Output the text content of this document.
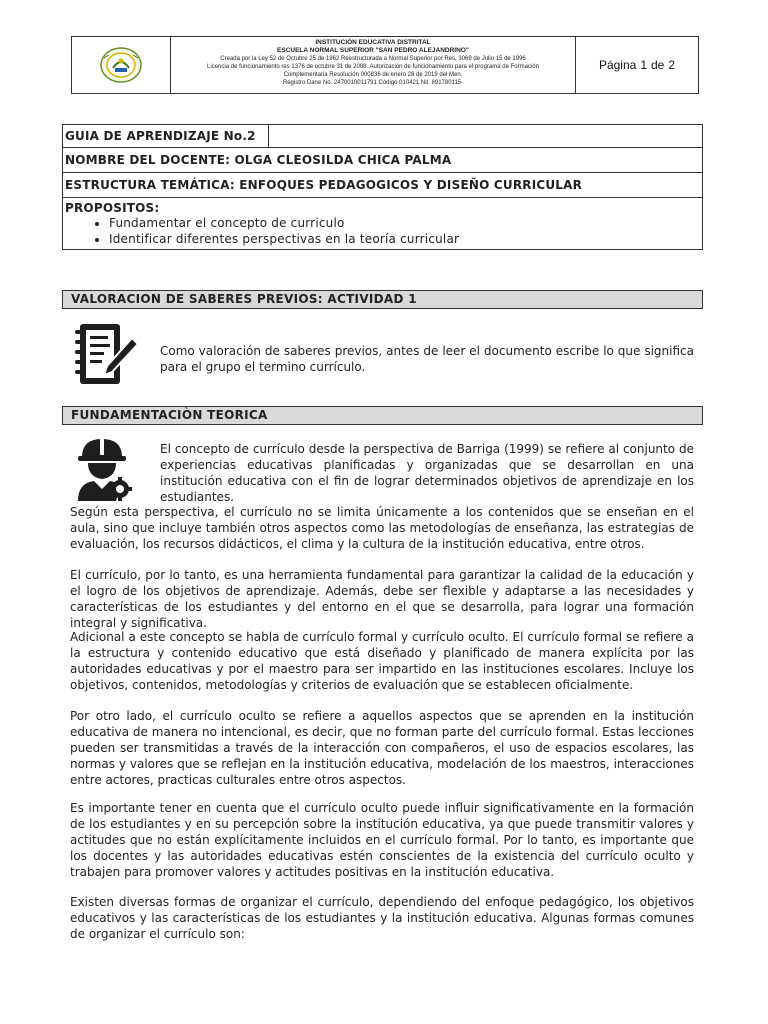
INSTITUCIÓN EDUCATIVA DISTRITAL
ESCUELA NORMAL SUPERIOR "SAN PEDRO ALEJANDRINO"
Creada por la Ley 52 de Octubre 25 de 1962 Reestructurada a Normal Superior por Res. 3069 de Julio 15 de 1996
Licencia de funcionamiento res 1376 de octubre 31 de 2008. Autorización de funcionamiento para el programa de Formación
Complementaria Resolución 000836 de enero 28 de 2019 del Men.
Registro Dane No. 2470010011791 Código 010421 Nit. 891780115-
Página 1 de 2
GUIA DE APRENDIZAJE No.2
NOMBRE DEL DOCENTE: OLGA CLEOSILDA CHICA PALMA
ESTRUCTURA TEMÁTICA: ENFOQUES PEDAGOGICOS Y DISEÑO CURRICULAR
PROPOSITOS:
• Fundamentar el concepto de curriculo
• Identificar diferentes perspectivas en la teoría curricular
VALORACION DE SABERES PREVIOS: ACTIVIDAD 1
Como valoración de saberes previos, antes de leer el documento escribe lo que significa para el grupo el termino currículo.
FUNDAMENTACIÒN TEORICA
El concepto de currículo desde la perspectiva de Barriga (1999) se refiere al conjunto de experiencias educativas planificadas y organizadas que se desarrollan en una institución educativa con el fin de lograr determinados objetivos de aprendizaje en los estudiantes.
Según esta perspectiva, el currículo no se limita únicamente a los contenidos que se enseñan en el aula, sino que incluye también otros aspectos como las metodologías de enseñanza, las estrategias de evaluación, los recursos didácticos, el clima y la cultura de la institución educativa, entre otros.
El currículo, por lo tanto, es una herramienta fundamental para garantizar la calidad de la educación y el logro de los objetivos de aprendizaje. Además, debe ser flexible y adaptarse a las necesidades y características de los estudiantes y del entorno en el que se desarrolla, para lograr una formación integral y significativa.
Adicional a este concepto se habla de currículo formal y currículo oculto. El currículo formal se refiere a la estructura y contenido educativo que está diseñado y planificado de manera explícita por las autoridades educativas y por el maestro para ser impartido en las instituciones escolares. Incluye los objetivos, contenidos, metodologías y criterios de evaluación que se establecen oficialmente.
Por otro lado, el currículo oculto se refiere a aquellos aspectos que se aprenden en la institución educativa de manera no intencional, es decir, que no forman parte del currículo formal. Estas lecciones pueden ser transmitidas a través de la interacción con compañeros, el uso de espacios escolares, las normas y valores que se reflejan en la institución educativa, modelación de los maestros, interacciones entre actores, practicas culturales entre otros aspectos.
Es importante tener en cuenta que el currículo oculto puede influir significativamente en la formación de los estudiantes y en su percepción sobre la institución educativa, ya que puede transmitir valores y actitudes que no están explícitamente incluidos en el currículo formal. Por lo tanto, es importante que los docentes y las autoridades educativas estén conscientes de la existencia del currículo oculto y trabajen para promover valores y actitudes positivas en la institución educativa.
Existen diversas formas de organizar el currículo, dependiendo del enfoque pedagógico, los objetivos educativos y las características de los estudiantes y la institución educativa. Algunas formas comunes de organizar el currículo son:
